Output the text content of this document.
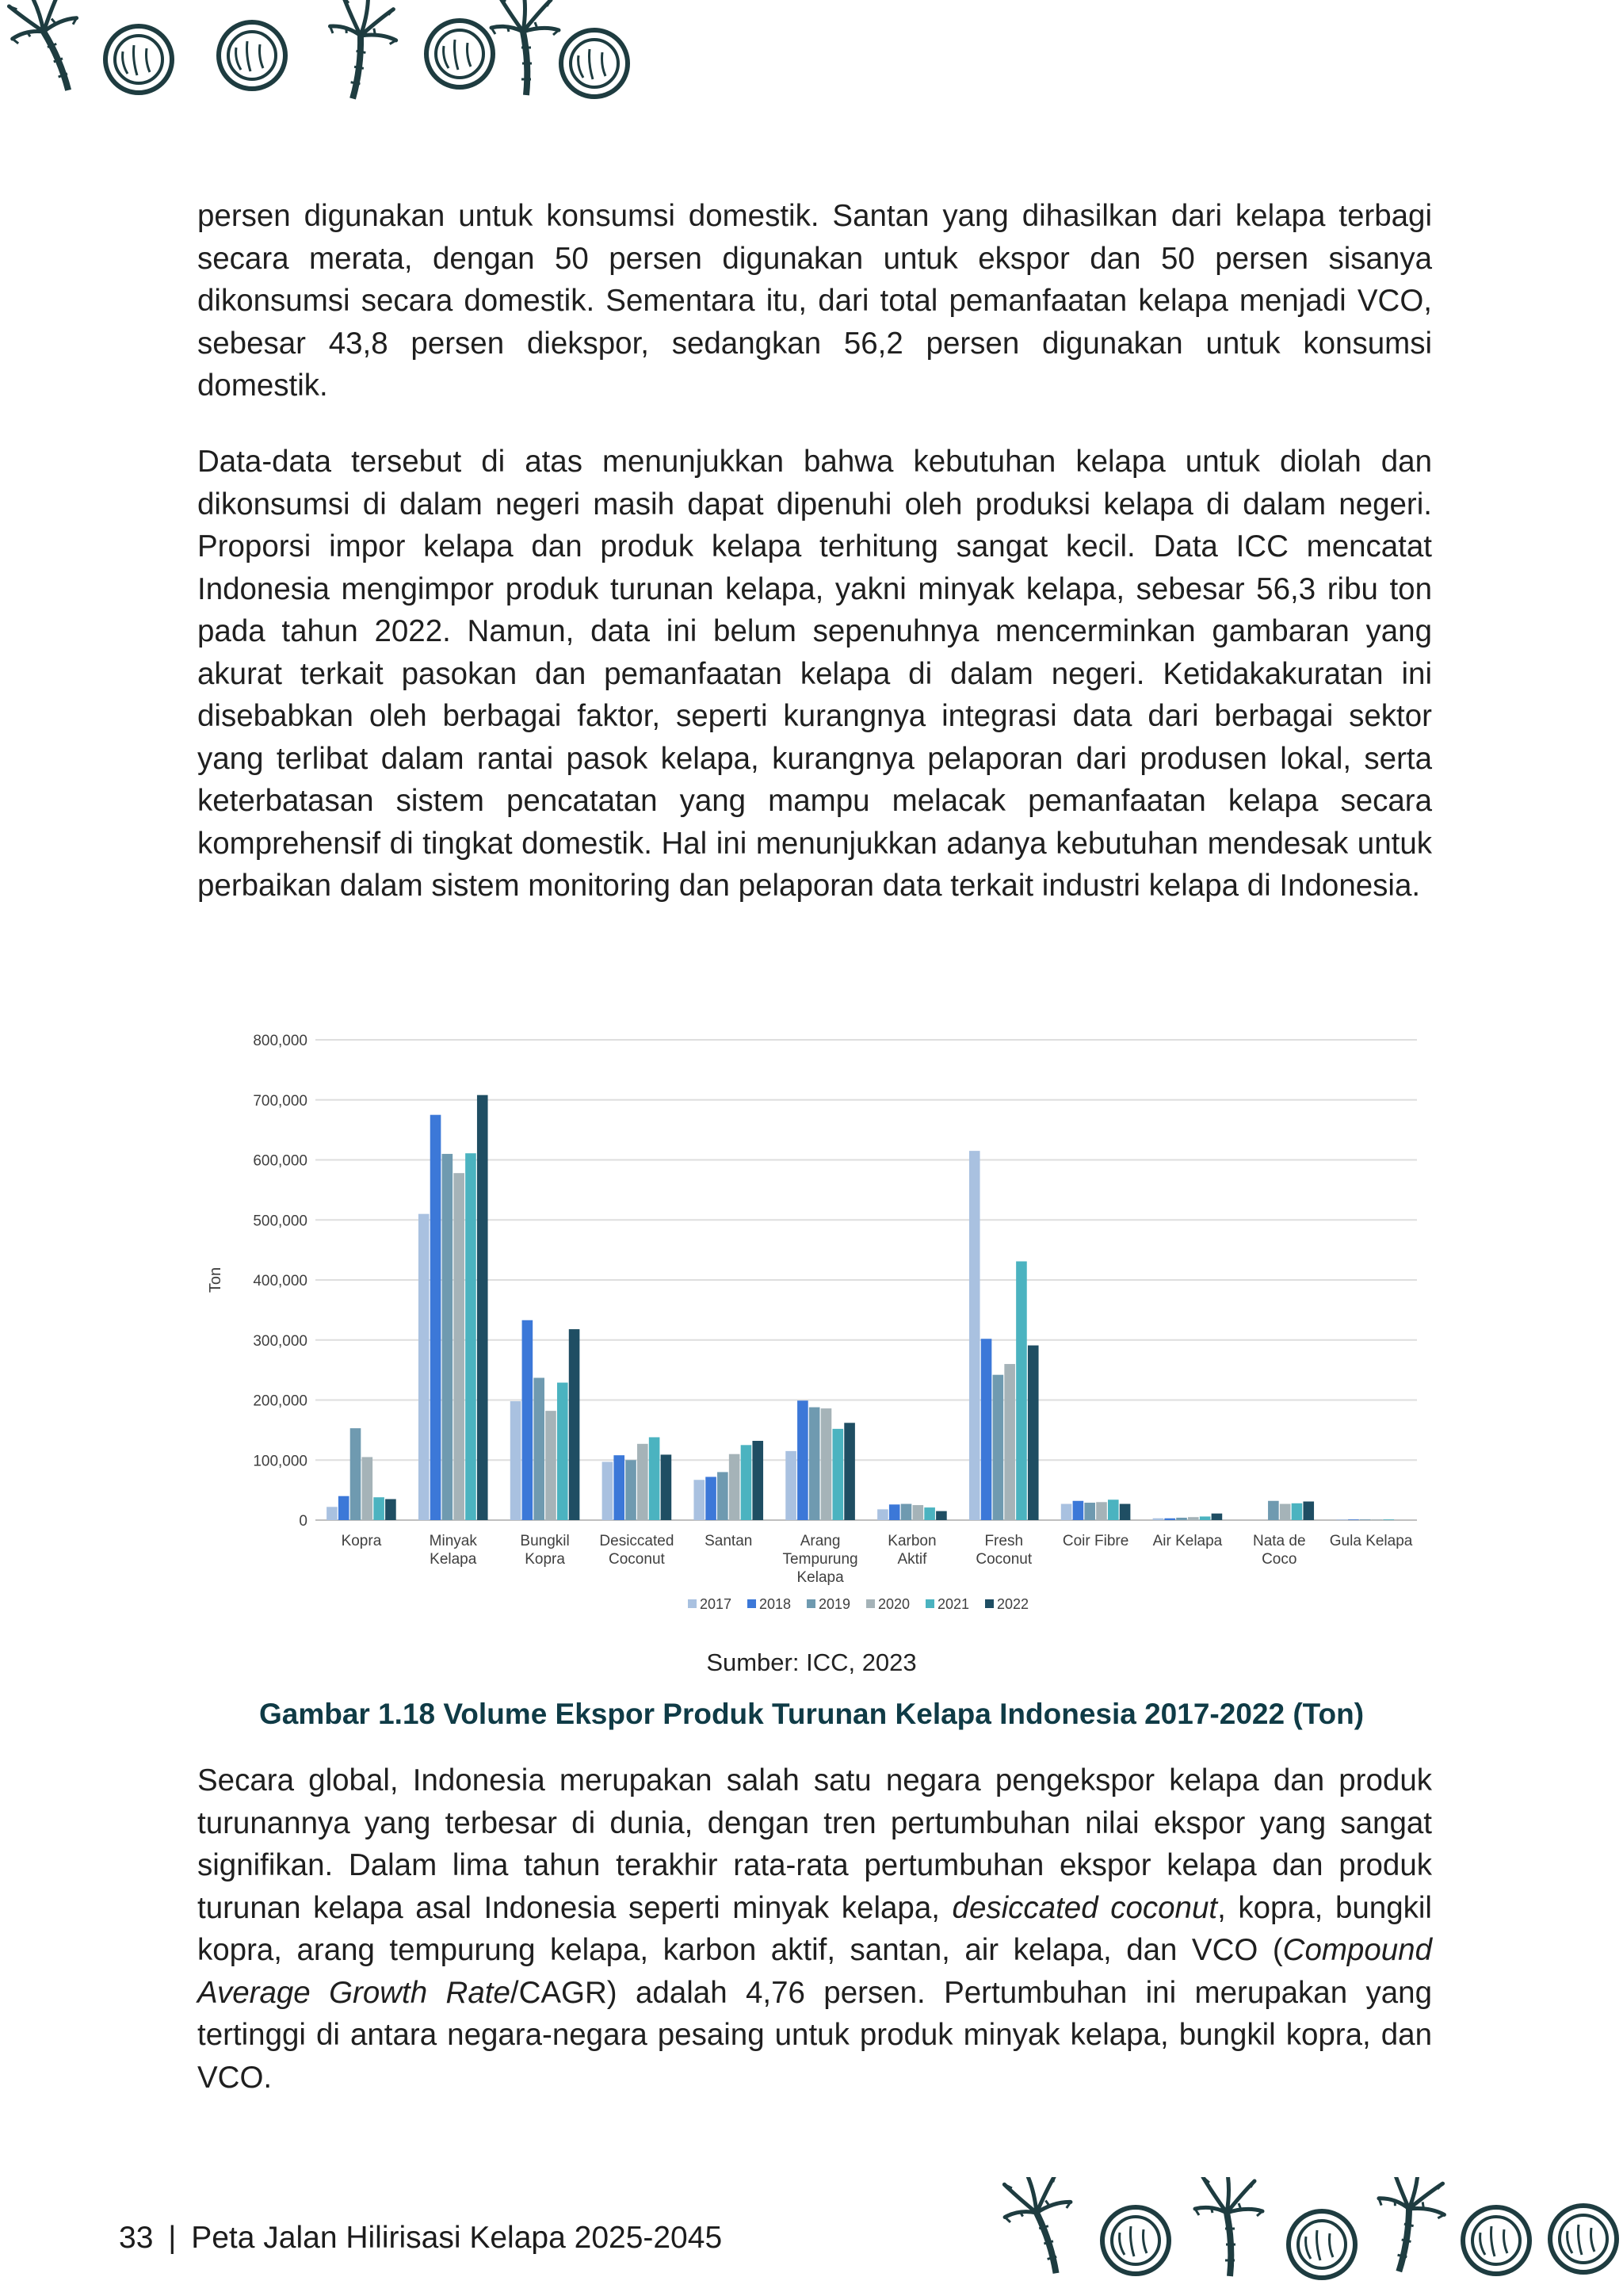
persen digunakan untuk konsumsi domestik. Santan yang dihasilkan dari kelapa terbagi secara merata, dengan 50 persen digunakan untuk ekspor dan 50 persen sisanya dikonsumsi secara domestik. Sementara itu, dari total pemanfaatan kelapa menjadi VCO, sebesar 43,8 persen diekspor, sedangkan 56,2 persen digunakan untuk konsumsi domestik.

Data-data tersebut di atas menunjukkan bahwa kebutuhan kelapa untuk diolah dan dikonsumsi di dalam negeri masih dapat dipenuhi oleh produksi kelapa di dalam negeri. Proporsi impor kelapa dan produk kelapa terhitung sangat kecil. Data ICC mencatat Indonesia mengimpor produk turunan kelapa, yakni minyak kelapa, sebesar 56,3 ribu ton pada tahun 2022. Namun, data ini belum sepenuhnya mencerminkan gambaran yang akurat terkait pasokan dan pemanfaatan kelapa di dalam negeri. Ketidakakuratan ini disebabkan oleh berbagai faktor, seperti kurangnya integrasi data dari berbagai sektor yang terlibat dalam rantai pasok kelapa, kurangnya pelaporan dari produsen lokal, serta keterbatasan sistem pencatatan yang mampu melacak pemanfaatan kelapa secara komprehensif di tingkat domestik. Hal ini menunjukkan adanya kebutuhan mendesak untuk perbaikan dalam sistem monitoring dan pelaporan data terkait industri kelapa di Indonesia.

0
100,000
200,000
300,000
400,000
500,000
600,000
700,000
800,000
Ton
Kopra	Minyak
Kelapa
Bungkil
Kopra
Desiccated
Coconut
Santan	Arang
Tempurung
Kelapa
Karbon
Aktif
Fresh
Coconut
Coir Fibre Air Kelapa Nata de
Coco
Gula Kelapa
2017 2018 2019 2020 2021 2022
Sumber: ICC, 2023
Gambar 1.18 Volume Ekspor Produk Turunan Kelapa Indonesia 2017-2022 (Ton)

Secara global, Indonesia merupakan salah satu negara pengekspor kelapa dan produk turunannya yang terbesar di dunia, dengan tren pertumbuhan nilai ekspor yang sangat signifikan. Dalam lima tahun terakhir rata-rata pertumbuhan ekspor kelapa dan produk turunan kelapa asal Indonesia seperti minyak kelapa, desiccated coconut, kopra, bungkil kopra, arang tempurung kelapa, karbon aktif, santan, air kelapa, dan VCO (Compound Average Growth Rate/CAGR) adalah 4,76 persen. Pertumbuhan ini merupakan yang tertinggi di antara negara-negara pesaing untuk produk minyak kelapa, bungkil kopra, dan VCO.

33 | Peta Jalan Hilirisasi Kelapa 2025-2045
